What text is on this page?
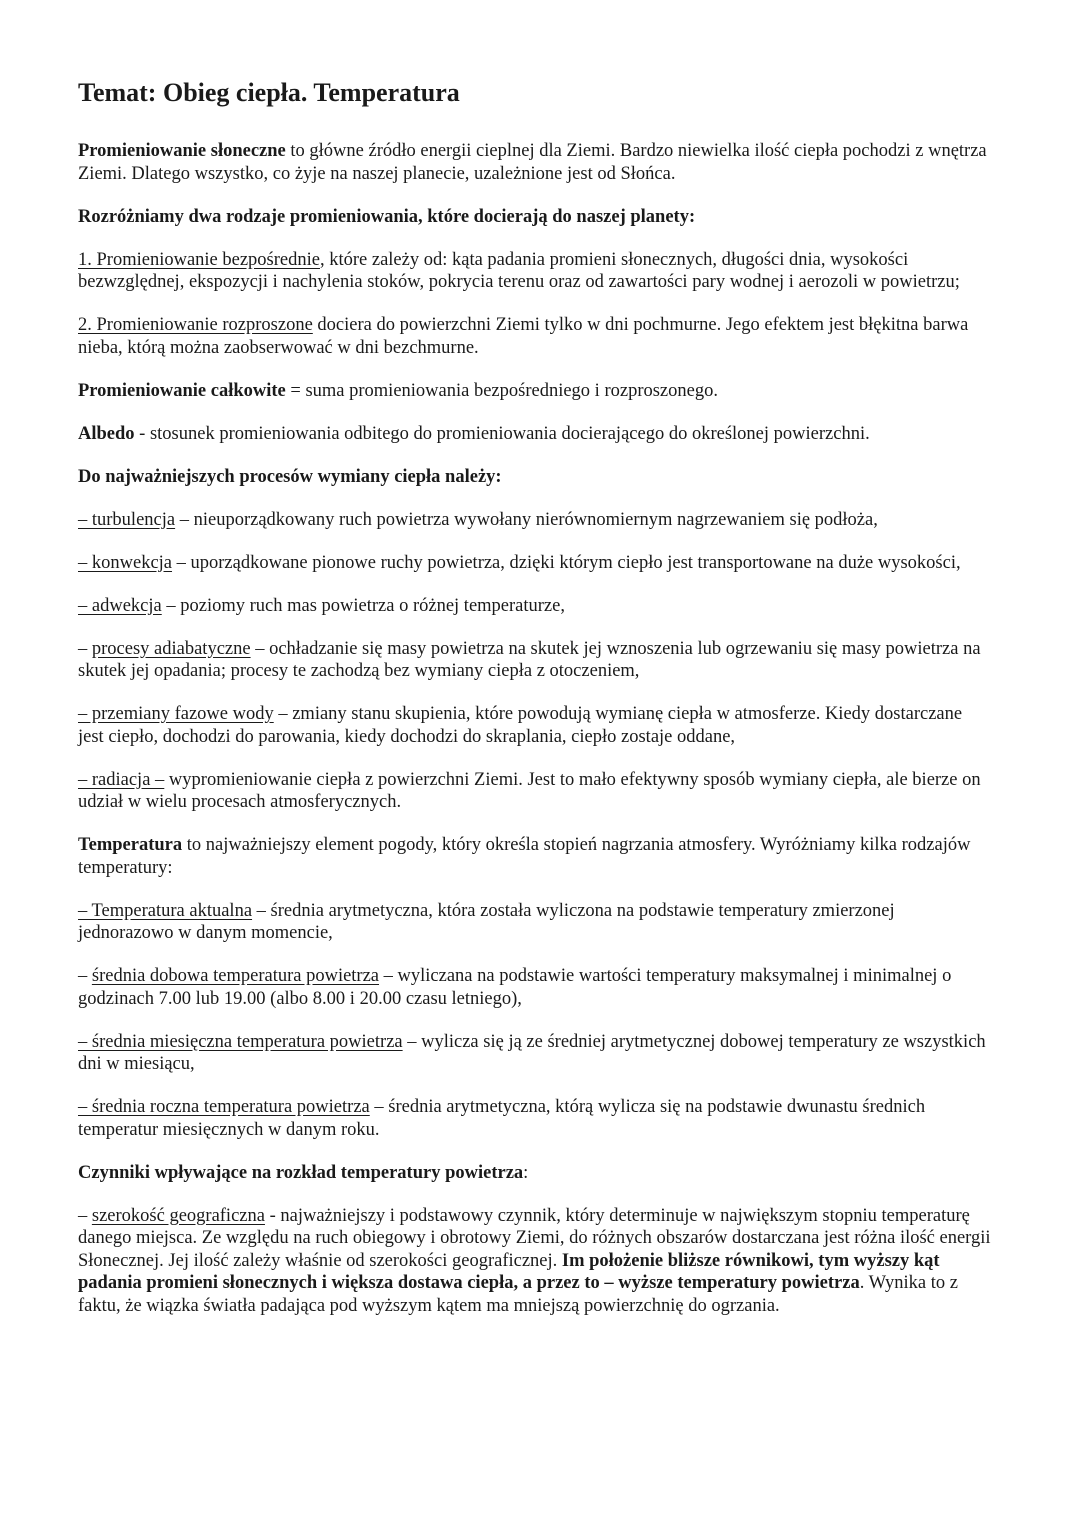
Temat: Obieg ciepła. Temperatura

Promieniowanie słoneczne to główne źródło energii cieplnej dla Ziemi. Bardzo niewielka ilość ciepła pochodzi z wnętrza Ziemi. Dlatego wszystko, co żyje na naszej planecie, uzależnione jest od Słońca.

Rozróżniamy dwa rodzaje promieniowania, które docierają do naszej planety:

1. Promieniowanie bezpośrednie, które zależy od: kąta padania promieni słonecznych, długości dnia, wysokości bezwzględnej, ekspozycji i nachylenia stoków, pokrycia terenu oraz od zawartości pary wodnej i aerozoli w powietrzu;

2. Promieniowanie rozproszone dociera do powierzchni Ziemi tylko w dni pochmurne. Jego efektem jest błękitna barwa nieba, którą można zaobserwować w dni bezchmurne.

Promieniowanie całkowite = suma promieniowania bezpośredniego i rozproszonego.

Albedo - stosunek promieniowania odbitego do promieniowania docierającego do określonej powierzchni.

Do najważniejszych procesów wymiany ciepła należy:

– turbulencja – nieuporządkowany ruch powietrza wywołany nierównomiernym nagrzewaniem się podłoża,

– konwekcja – uporządkowane pionowe ruchy powietrza, dzięki którym ciepło jest transportowane na duże wysokości,

– adwekcja – poziomy ruch mas powietrza o różnej temperaturze,

– procesy adiabatyczne – ochładzanie się masy powietrza na skutek jej wznoszenia lub ogrzewaniu się masy powietrza na skutek jej opadania; procesy te zachodzą bez wymiany ciepła z otoczeniem,

– przemiany fazowe wody – zmiany stanu skupienia, które powodują wymianę ciepła w atmosferze. Kiedy dostarczane jest ciepło, dochodzi do parowania, kiedy dochodzi do skraplania, ciepło zostaje oddane,

– radiacja – wypromieniowanie ciepła z powierzchni Ziemi. Jest to mało efektywny sposób wymiany ciepła, ale bierze on udział w wielu procesach atmosferycznych.

Temperatura to najważniejszy element pogody, który określa stopień nagrzania atmosfery. Wyróżniamy kilka rodzajów temperatury:

– Temperatura aktualna – średnia arytmetyczna, która została wyliczona na podstawie temperatury zmierzonej jednorazowo w danym momencie,

– średnia dobowa temperatura powietrza – wyliczana na podstawie wartości temperatury maksymalnej i minimalnej o godzinach 7.00 lub 19.00 (albo 8.00 i 20.00 czasu letniego),

– średnia miesięczna temperatura powietrza – wylicza się ją ze średniej arytmetycznej dobowej temperatury ze wszystkich dni w miesiącu,

– średnia roczna temperatura powietrza – średnia arytmetyczna, którą wylicza się na podstawie dwunastu średnich temperatur miesięcznych w danym roku.

Czynniki wpływające na rozkład temperatury powietrza:

– szerokość geograficzna - najważniejszy i podstawowy czynnik, który determinuje w największym stopniu temperaturę danego miejsca. Ze względu na ruch obiegowy i obrotowy Ziemi, do różnych obszarów dostarczana jest różna ilość energii Słonecznej. Jej ilość zależy właśnie od szerokości geograficznej. Im położenie bliższe równikowi, tym wyższy kąt padania promieni słonecznych i większa dostawa ciepła, a przez to – wyższe temperatury powietrza. Wynika to z faktu, że wiązka światła padająca pod wyższym kątem ma mniejszą powierzchnię do ogrzania.
